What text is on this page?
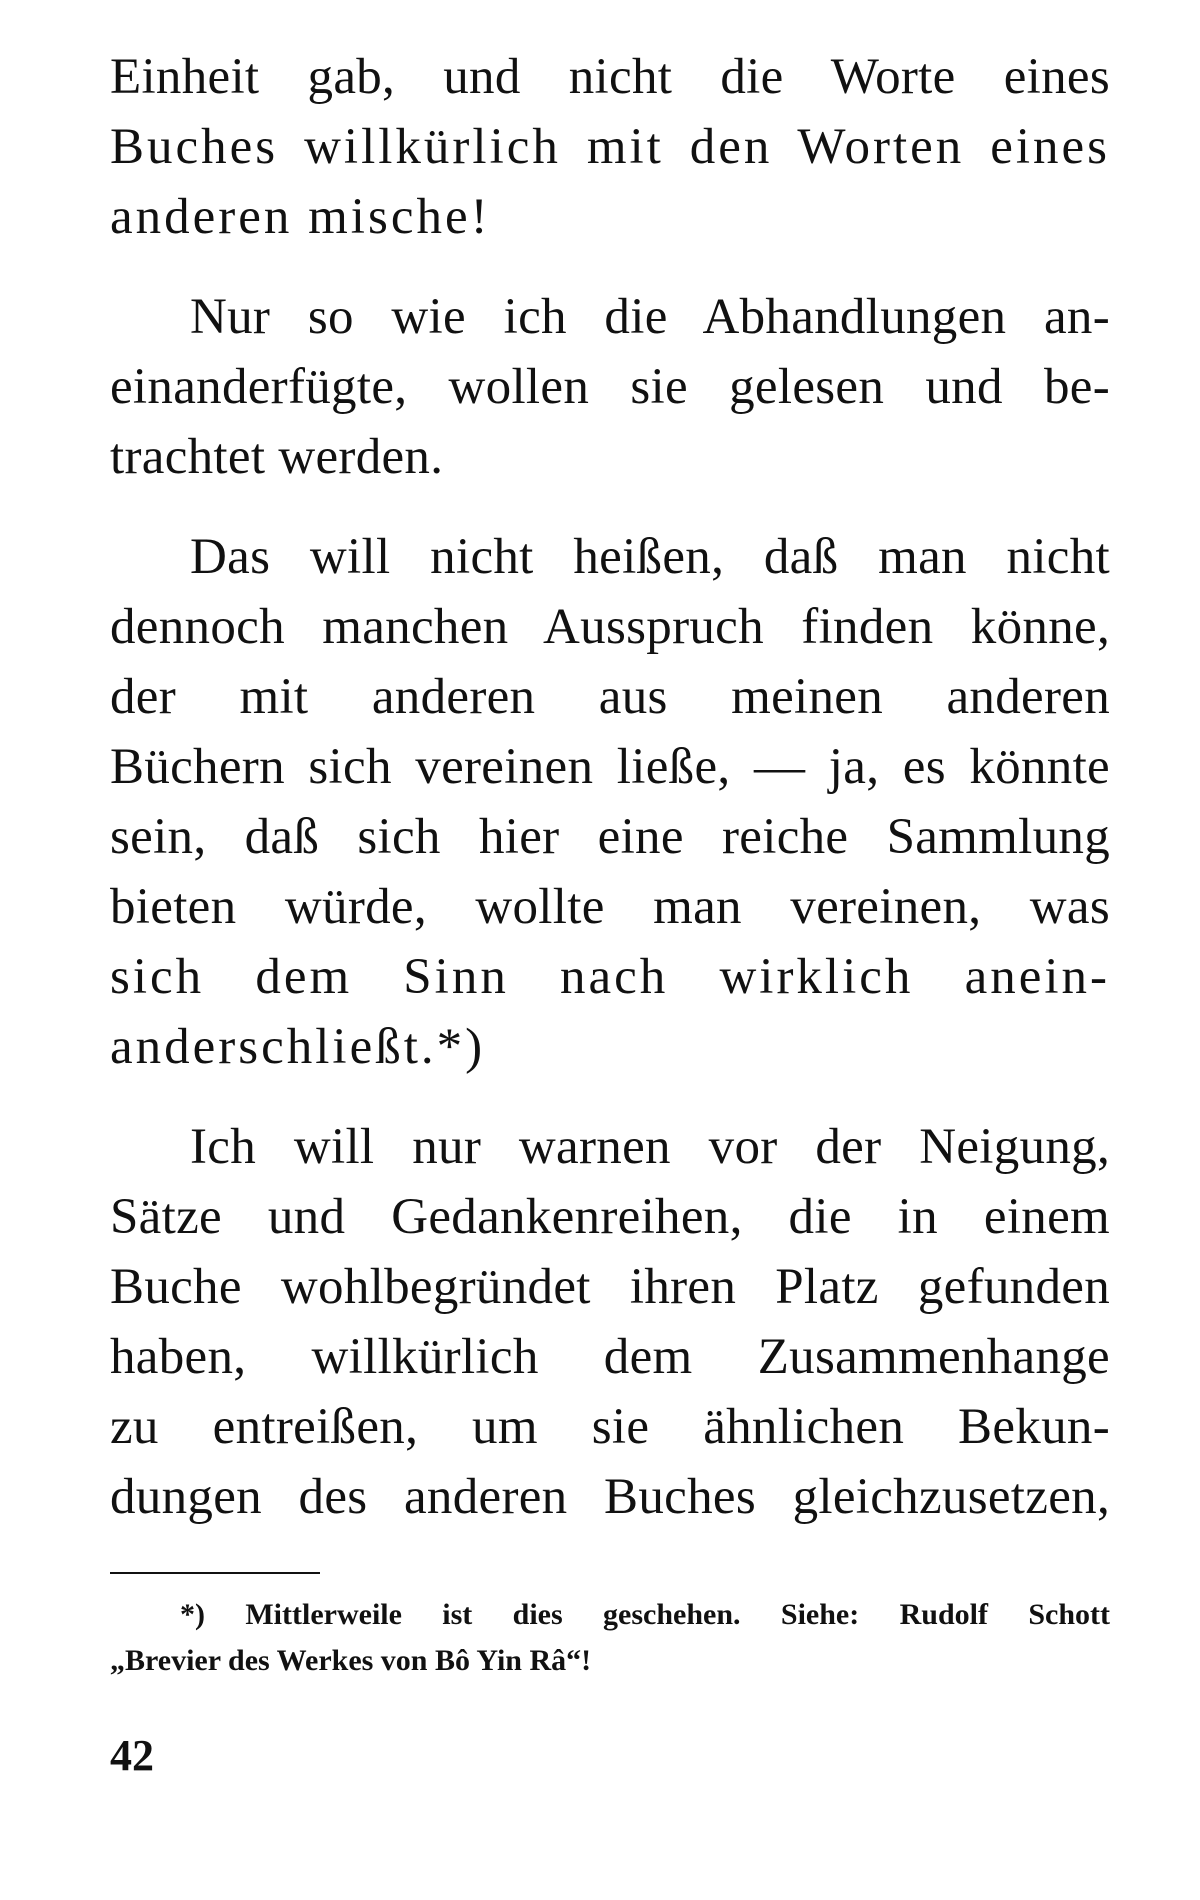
Einheit gab, und nicht die Worte eines
Buches willkürlich mit den Worten eines
anderen mische!
Nur so wie ich die Abhandlungen an-
einanderfügte, wollen sie gelesen und be-
trachtet werden.
Das will nicht heißen, daß man nicht
dennoch manchen Ausspruch finden könne,
der mit anderen aus meinen anderen
Büchern sich vereinen ließe, — ja, es könnte
sein, daß sich hier eine reiche Sammlung
bieten würde, wollte man vereinen, was
sich dem Sinn nach wirklich anein-
anderschließt.*)
Ich will nur warnen vor der Neigung,
Sätze und Gedankenreihen, die in einem
Buche wohlbegründet ihren Platz gefunden
haben, willkürlich dem Zusammenhange
zu entreißen, um sie ähnlichen Bekun-
dungen des anderen Buches gleichzusetzen,
*) Mittlerweile ist dies geschehen. Siehe: Rudolf Schott
„Brevier des Werkes von Bô Yin Râ“!
42
